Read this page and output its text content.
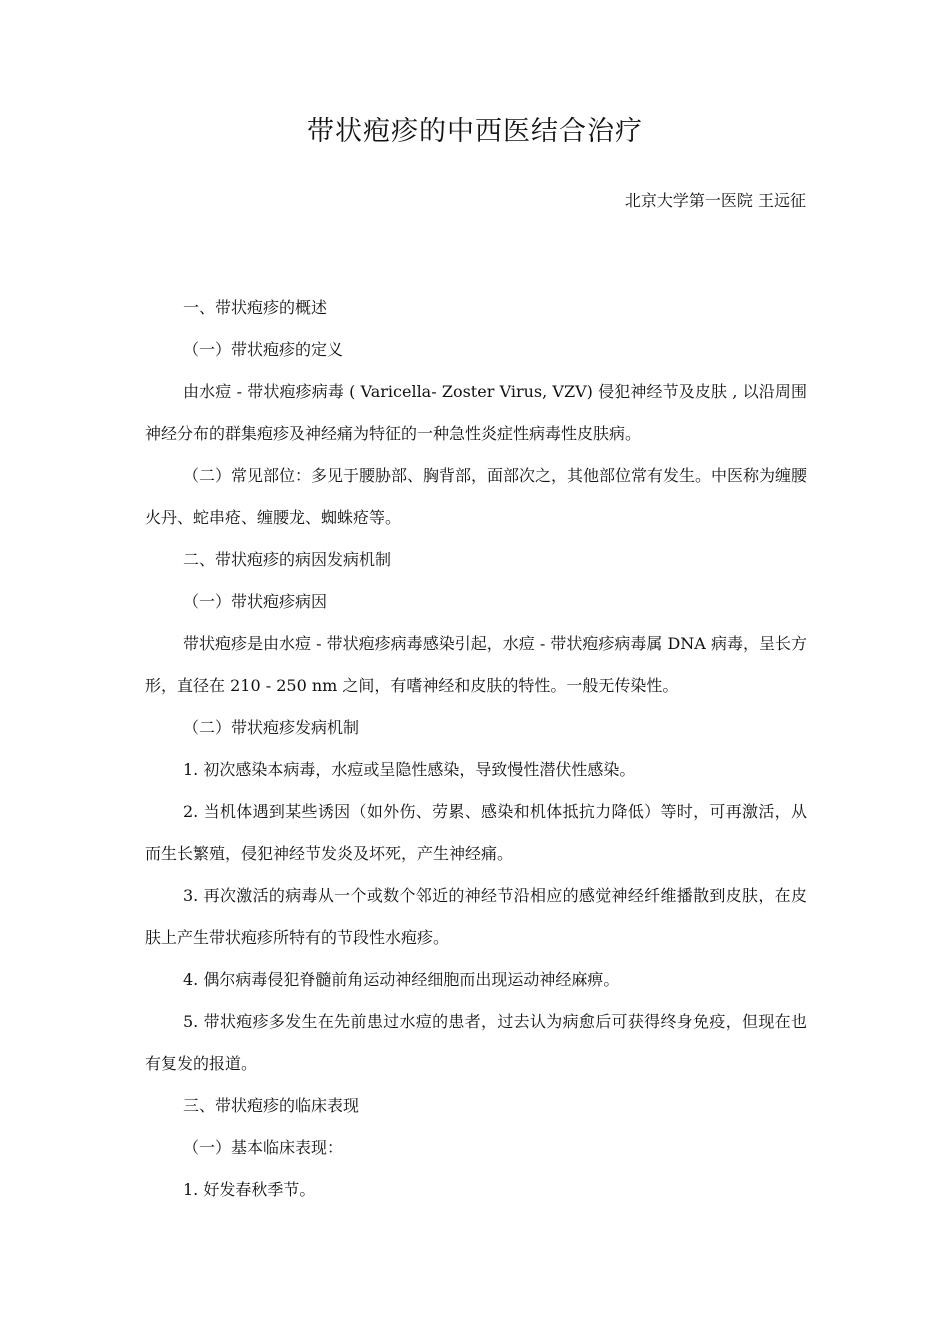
带状疱疹的中西医结合治疗
北京大学第一医院 王远征

一、带状疱疹的概述

（一）带状疱疹的定义

由水痘 - 带状疱疹病毒 ( Varicella- Zoster Virus, VZV) 侵犯神经节及皮肤 , 以沿周围神经分布的群集疱疹及神经痛为特征的一种急性炎症性病毒性皮肤病。

（二）常见部位：多见于腰胁部、胸背部，面部次之，其他部位常有发生。中医称为缠腰火丹、蛇串疮、缠腰龙、蜘蛛疮等。

二、带状疱疹的病因发病机制

（一）带状疱疹病因

带状疱疹是由水痘 - 带状疱疹病毒感染引起，水痘 - 带状疱疹病毒属 DNA 病毒，呈长方形，直径在 210 - 250 nm 之间，有嗜神经和皮肤的特性。一般无传染性。

（二）带状疱疹发病机制

1. 初次感染本病毒，水痘或呈隐性感染，导致慢性潜伏性感染。

2. 当机体遇到某些诱因（如外伤、劳累、感染和机体抵抗力降低）等时，可再激活，从而生长繁殖，侵犯神经节发炎及坏死，产生神经痛。

3. 再次激活的病毒从一个或数个邻近的神经节沿相应的感觉神经纤维播散到皮肤，在皮肤上产生带状疱疹所特有的节段性水疱疹。

4. 偶尔病毒侵犯脊髓前角运动神经细胞而出现运动神经麻痹。

5. 带状疱疹多发生在先前患过水痘的患者，过去认为病愈后可获得终身免疫，但现在也有复发的报道。

三、带状疱疹的临床表现

（一）基本临床表现：

1. 好发春秋季节。
